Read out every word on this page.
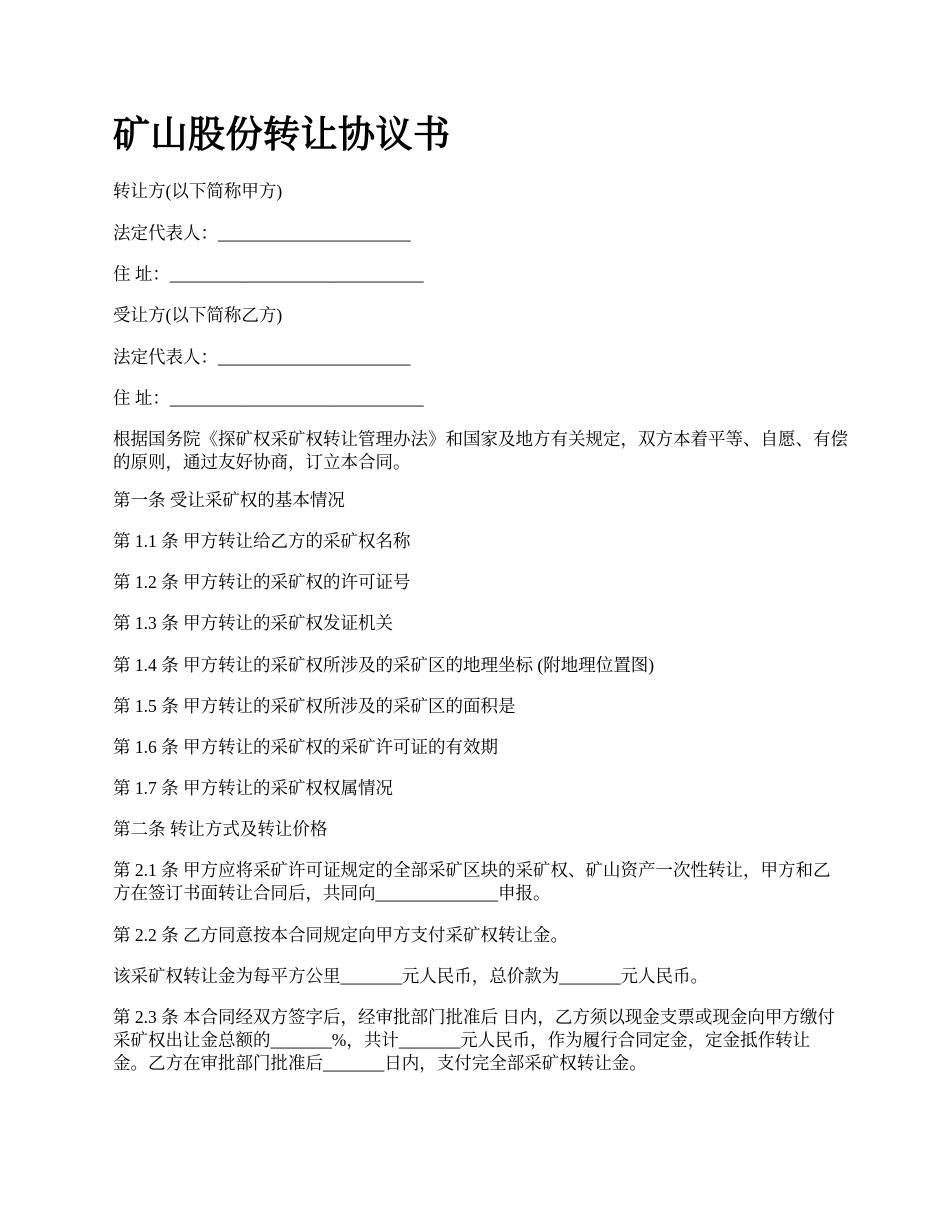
矿山股份转让协议书

转让方(以下简称甲方)

法定代表人：______________________

住 址：_____________________________

受让方(以下简称乙方)

法定代表人：______________________

住 址：_____________________________

根据国务院《探矿权采矿权转让管理办法》和国家及地方有关规定，双方本着平等、自愿、有偿的原则，通过友好协商，订立本合同。

第一条 受让采矿权的基本情况

第 1.1 条 甲方转让给乙方的采矿权名称

第 1.2 条 甲方转让的采矿权的许可证号

第 1.3 条 甲方转让的采矿权发证机关

第 1.4 条 甲方转让的采矿权所涉及的采矿区的地理坐标 (附地理位置图)

第 1.5 条 甲方转让的采矿权所涉及的采矿区的面积是

第 1.6 条 甲方转让的采矿权的采矿许可证的有效期

第 1.7 条 甲方转让的采矿权权属情况

第二条 转让方式及转让价格

第 2.1 条 甲方应将采矿许可证规定的全部采矿区块的采矿权、矿山资产一次性转让，甲方和乙方在签订书面转让合同后，共同向______________申报。

第 2.2 条 乙方同意按本合同规定向甲方支付采矿权转让金。

该采矿权转让金为每平方公里_______元人民币，总价款为_______元人民币。

第 2.3 条 本合同经双方签字后，经审批部门批准后 日内，乙方须以现金支票或现金向甲方缴付采矿权出让金总额的_______%，共计_______元人民币，作为履行合同定金，定金抵作转让金。乙方在审批部门批准后_______日内，支付完全部采矿权转让金。
